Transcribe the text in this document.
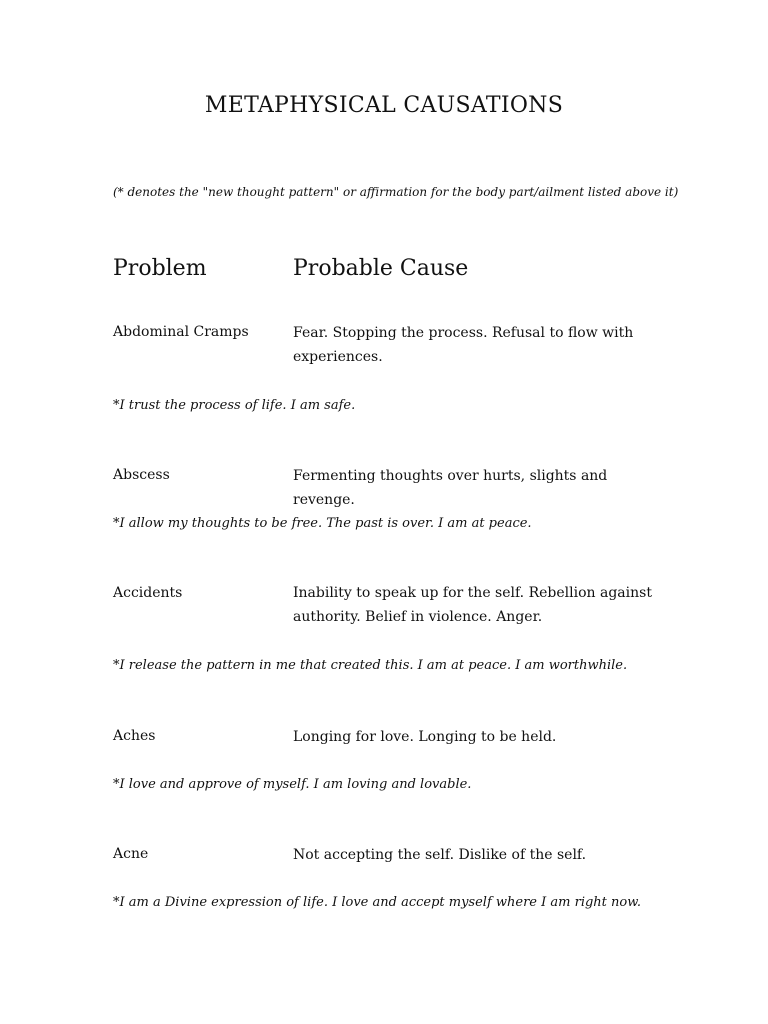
METAPHYSICAL CAUSATIONS

(* denotes the "new thought pattern" or affirmation for the body part/ailment listed above it)

Problem	Probable Cause
Abdominal Cramps	Fear. Stopping the process. Refusal to flow with experiences.
*I trust the process of life. I am safe.
Abscess	Fermenting thoughts over hurts, slights and revenge.
*I allow my thoughts to be free. The past is over. I am at peace.
Accidents	Inability to speak up for the self. Rebellion against authority. Belief in violence. Anger.
*I release the pattern in me that created this. I am at peace. I am worthwhile.
Aches	Longing for love. Longing to be held.
*I love and approve of myself. I am loving and lovable.
Acne	Not accepting the self. Dislike of the self.
*I am a Divine expression of life. I love and accept myself where I am right now.
